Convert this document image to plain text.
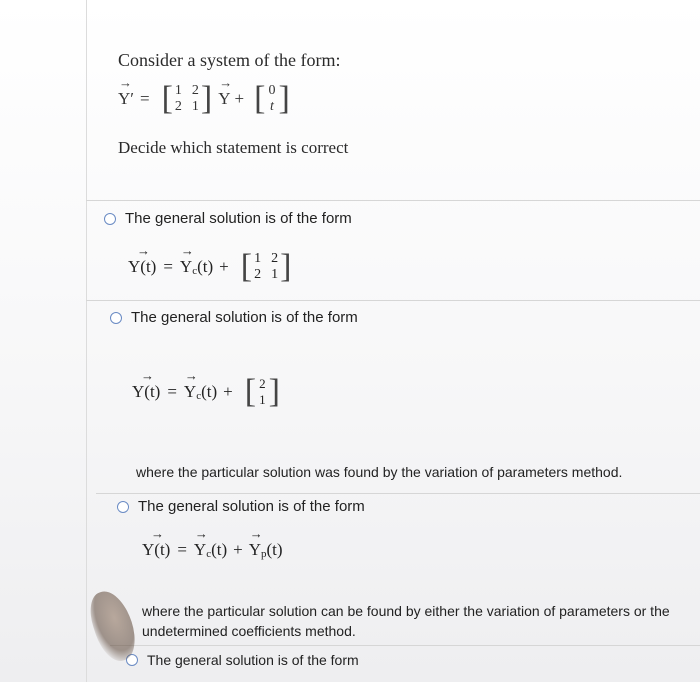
Consider a system of the form:
→
Y′ = [ 1 2
2 1 ] →
Y + [ 0
t ]
Decide which statement is correct
The general solution is of the form
→
Y(t) =
→
Y c (t) + [ 1 2
2 1 ]
The general solution is of the form
→
Y(t) =
→
Y c (t) + [ 2
1 ]
where the particular solution was found by the variation of parameters method.
The general solution is of the form
→
Y(t) =
→
Y c (t) +
→
Y p (t)
where the particular solution can be found by either the variation of parameters or the
undetermined coefficients method.
The general solution is of the form
